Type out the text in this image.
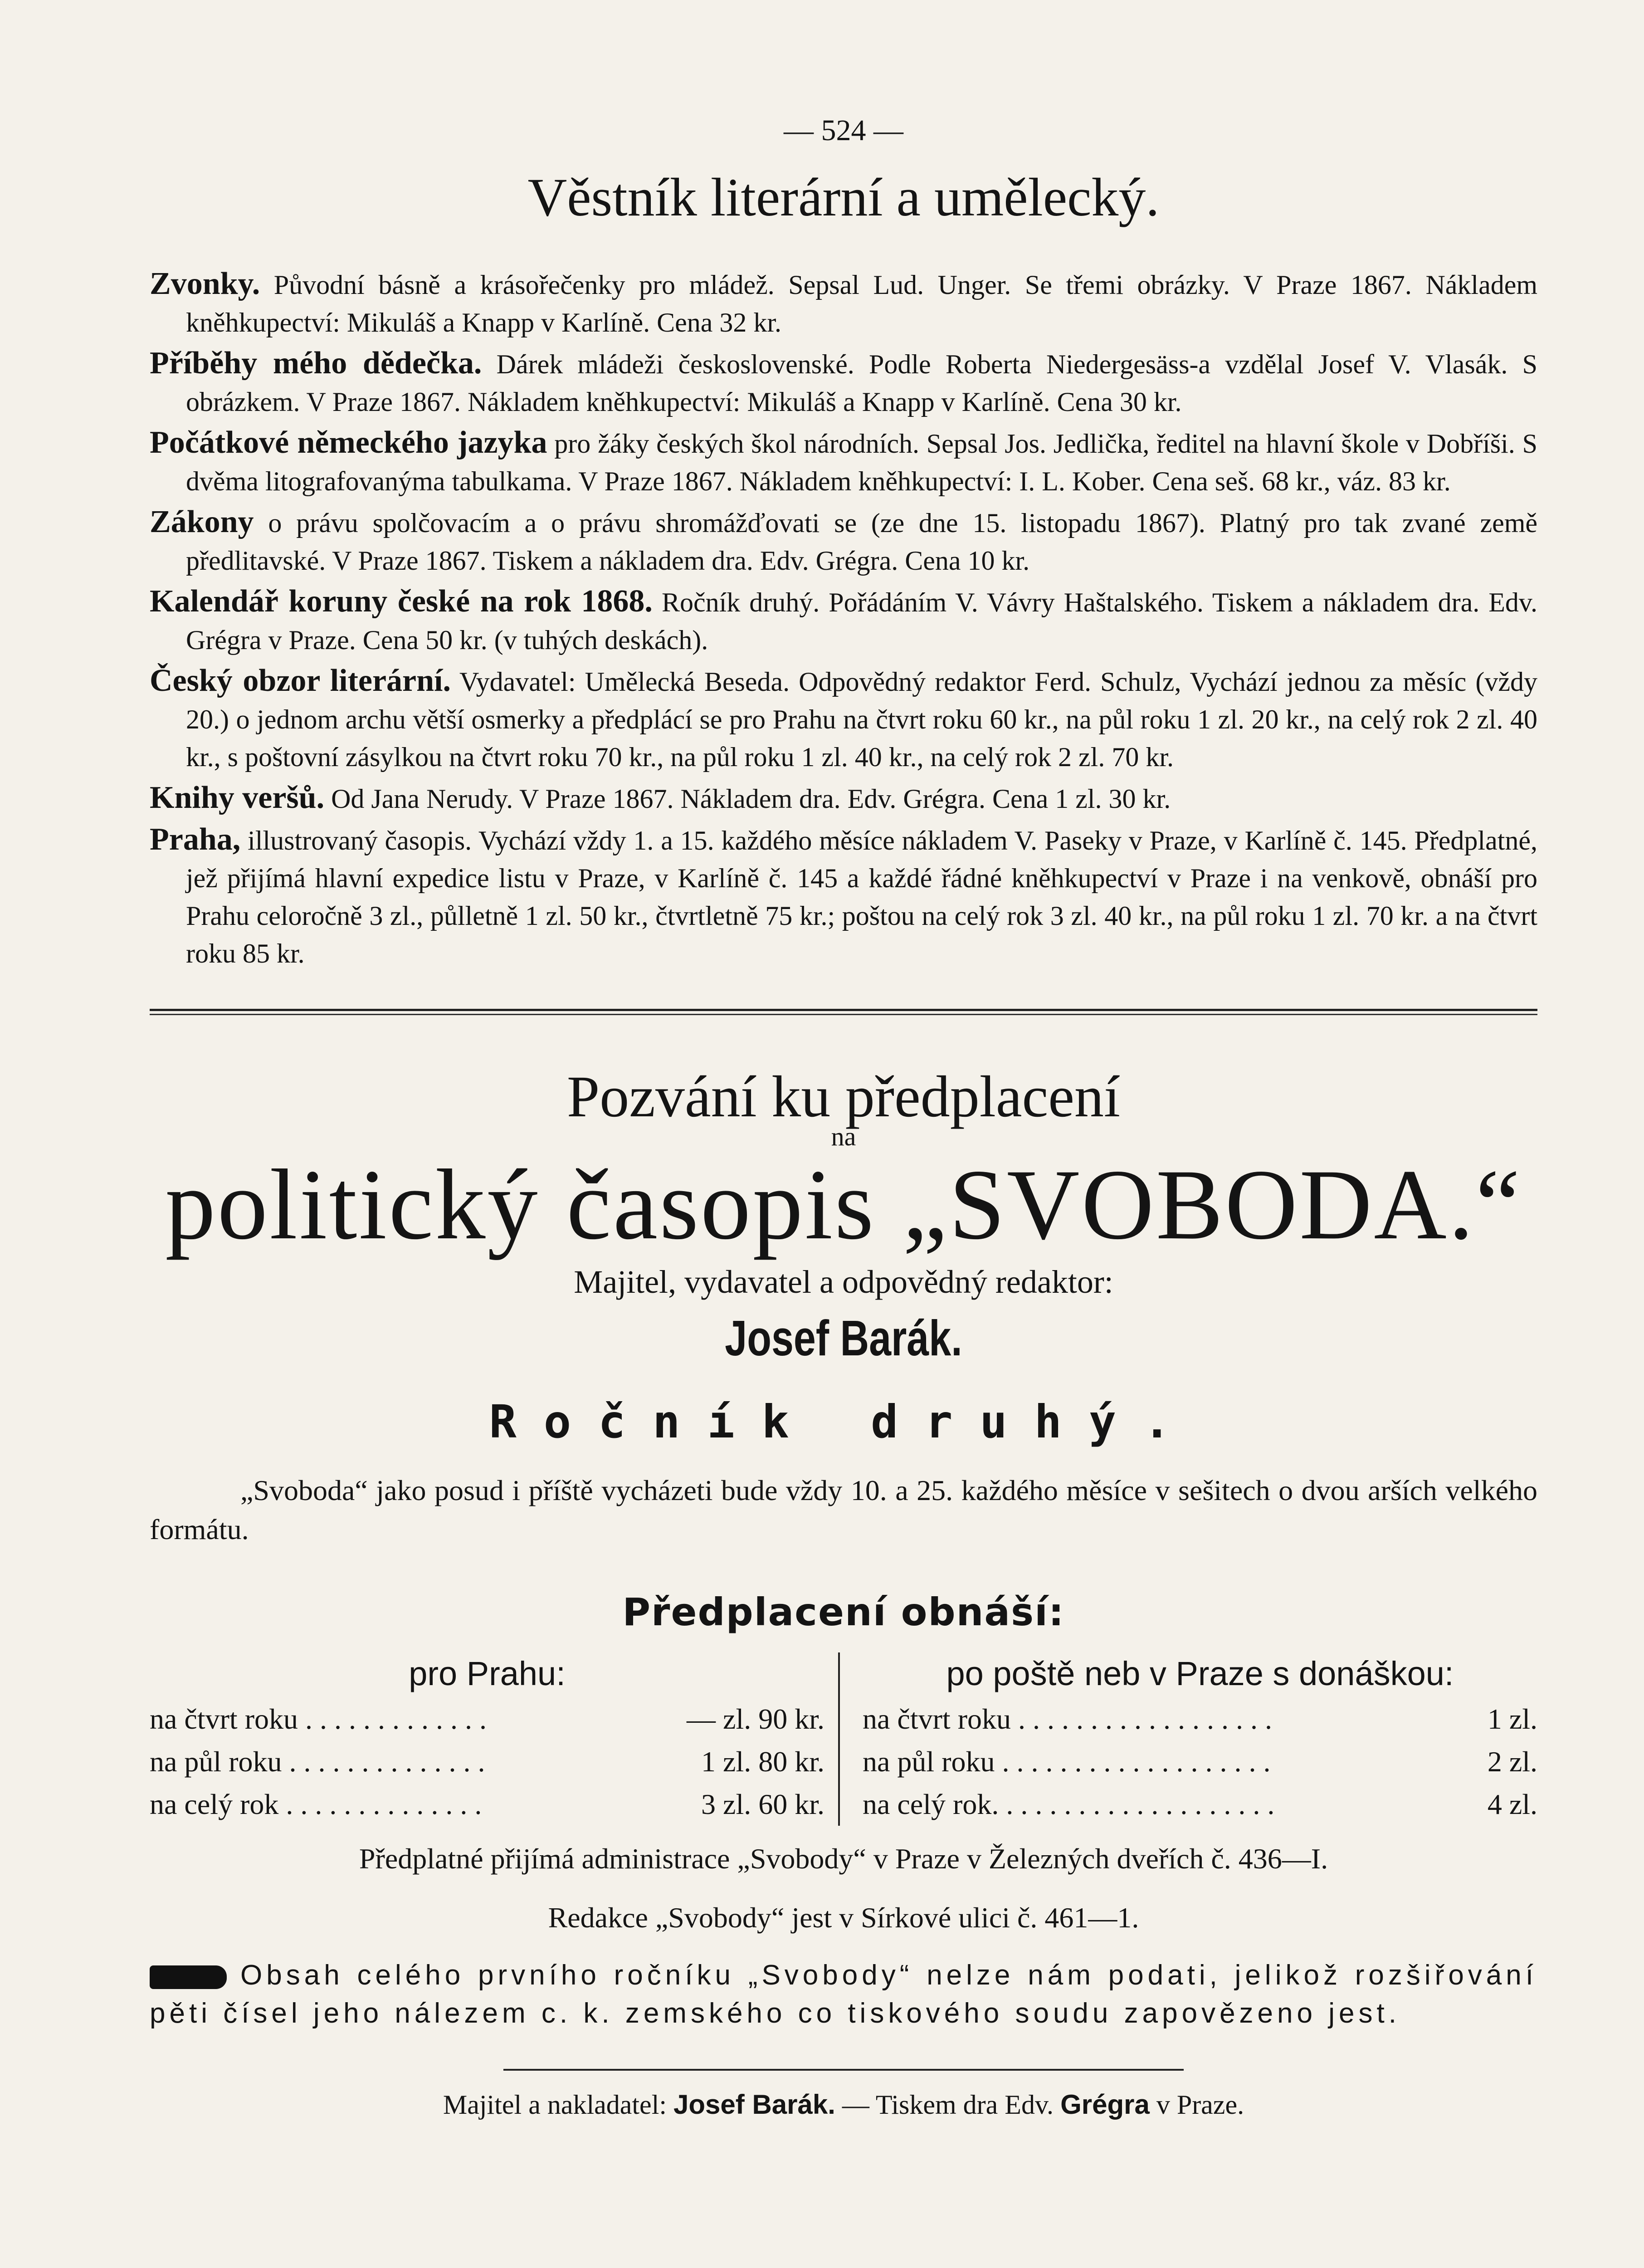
— 524 —
Věstník literární a umělecký.
Zvonky. Původní básně a krásořečenky pro mládež. Sepsal Lud. Unger. Se třemi obrázky. V Praze 1867. Nákladem kněhkupectví: Mikuláš a Knapp v Karlíně. Cena 32 kr.
Příběhy mého dědečka. Dárek mládeži československé. Podle Roberta Niedergesäss-a vzdělal Josef V. Vlasák. S obrázkem. V Praze 1867. Nákladem kněhkupectví: Mikuláš a Knapp v Karlíně. Cena 30 kr.
Počátkové německého jazyka pro žáky českých škol národních. Sepsal Jos. Jedlička, ředitel na hlavní škole v Dobříši. S dvěma litografovanýma tabulkama. V Praze 1867. Nákladem kněhkupectví: I. L. Kober. Cena seš. 68 kr., váz. 83 kr.
Zákony o právu spolčovacím a o právu shromážďovati se (ze dne 15. listopadu 1867). Platný pro tak zvané země předlitavské. V Praze 1867. Tiskem a nákladem dra. Edv. Grégra. Cena 10 kr.
Kalendář koruny české na rok 1868. Ročník druhý. Pořádáním V. Vávry Haštalského. Tiskem a nákladem dra. Edv. Grégra v Praze. Cena 50 kr. (v tuhých deskách).
Český obzor literární. Vydavatel: Umělecká Beseda. Odpovědný redaktor Ferd. Schulz, Vychází jednou za měsíc (vždy 20.) o jednom archu větší osmerky a předplácí se pro Prahu na čtvrt roku 60 kr., na půl roku 1 zl. 20 kr., na celý rok 2 zl. 40 kr., s poštovní zásylkou na čtvrt roku 70 kr., na půl roku 1 zl. 40 kr., na celý rok 2 zl. 70 kr.
Knihy veršů. Od Jana Nerudy. V Praze 1867. Nákladem dra. Edv. Grégra. Cena 1 zl. 30 kr.
Praha, illustrovaný časopis. Vychází vždy 1. a 15. každého měsíce nákladem V. Paseky v Praze, v Karlíně č. 145. Předplatné, jež přijímá hlavní expedice listu v Praze, v Karlíně č. 145 a každé řádné kněhkupectví v Praze i na venkově, obnáší pro Prahu celoročně 3 zl., půlletně 1 zl. 50 kr., čtvrtletně 75 kr.; poštou na celý rok 3 zl. 40 kr., na půl roku 1 zl. 70 kr. a na čtvrt roku 85 kr.
Pozvání ku předplacení
na
politický časopis „SVOBODA.“
Majitel, vydavatel a odpovědný redaktor:
Josef Barák.
Ročník druhý.
„Svoboda“ jako posud i příště vycházeti bude vždy 10. a 25. každého měsíce v sešitech o dvou arších velkého formátu.
Předplacení obnáší:
pro Prahu:
na čtvrt roku . . . . . . . . . . . . .	— zl. 90 kr.
na půl roku . . . . . . . . . . . . . .	1 zl. 80 kr.
na celý rok . . . . . . . . . . . . . .	3 zl. 60 kr.
po poště neb v Praze s donáškou:
na čtvrt roku . . . . . . . . . . . . . . . . . .	1 zl.
na půl roku . . . . . . . . . . . . . . . . . . .	2 zl.
na celý rok. . . . . . . . . . . . . . . . . . . .	4 zl.
Předplatné přijímá administrace „Svobody“ v Praze v Železných dveřích č. 436—I.
Redakce „Svobody“ jest v Sírkové ulici č. 461—1.
Obsah celého prvního ročníku „Svobody“ nelze nám podati, jelikož rozšiřování pěti čísel jeho nálezem c. k. zemského co tiskového soudu zapovězeno jest.
Majitel a nakladatel: Josef Barák. — Tiskem dra Edv. Grégra v Praze.
